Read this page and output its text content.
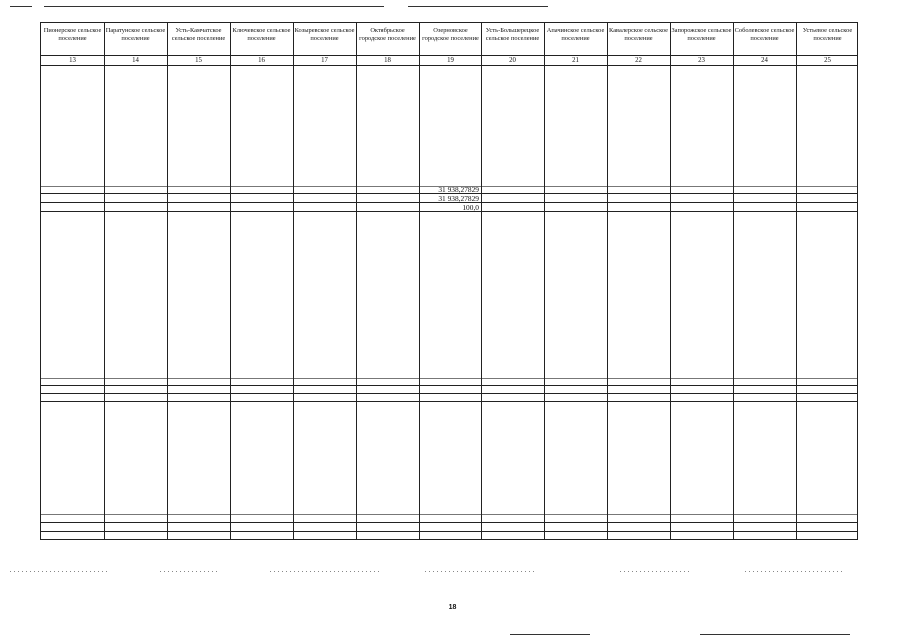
Пионерское сельское поселение
13
Паратунское сельское поселение
14
Усть-Камчатское сельское поселение
15
Ключевское сельское поселение
16
Козыревское сельское поселение
17
Октябрьское городское поселение
18
Озерновское городское поселение
19
Усть-Большерецкое сельское поселение
20
Апачинское сельское поселение
21
Кавалерское сельское поселение
22
Запорожское сельское поселение
23
Соболевское сельское поселение
24
Устьевое сельское поселение
25
31 938,27829
31 938,27829
100,0
18
